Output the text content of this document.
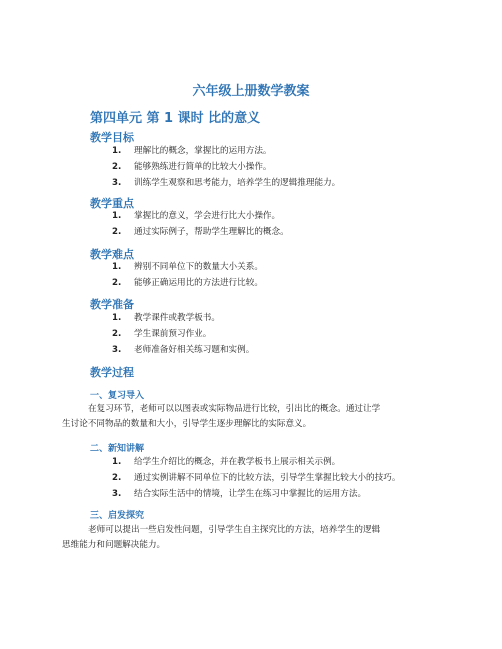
六年级上册数学教案
第四单元 第 1 课时 比的意义
教学目标
1. 理解比的概念，掌握比的运用方法。
2. 能够熟练进行简单的比较大小操作。
3. 训练学生观察和思考能力，培养学生的逻辑推理能力。
教学重点
1. 掌握比的意义，学会进行比大小操作。
2. 通过实际例子，帮助学生理解比的概念。
教学难点
1. 辨别不同单位下的数量大小关系。
2. 能够正确运用比的方法进行比较。
教学准备
1. 教学课件或教学板书。
2. 学生课前预习作业。
3. 老师准备好相关练习题和实例。
教学过程
一、复习导入
在复习环节，老师可以以图表或实际物品进行比较，引出比的概念。通过让学
生讨论不同物品的数量和大小，引导学生逐步理解比的实际意义。
二、新知讲解
1. 给学生介绍比的概念，并在教学板书上展示相关示例。
2. 通过实例讲解不同单位下的比较方法，引导学生掌握比较大小的技巧。
3. 结合实际生活中的情境，让学生在练习中掌握比的运用方法。
三、启发探究
老师可以提出一些启发性问题，引导学生自主探究比的方法，培养学生的逻辑
思维能力和问题解决能力。
